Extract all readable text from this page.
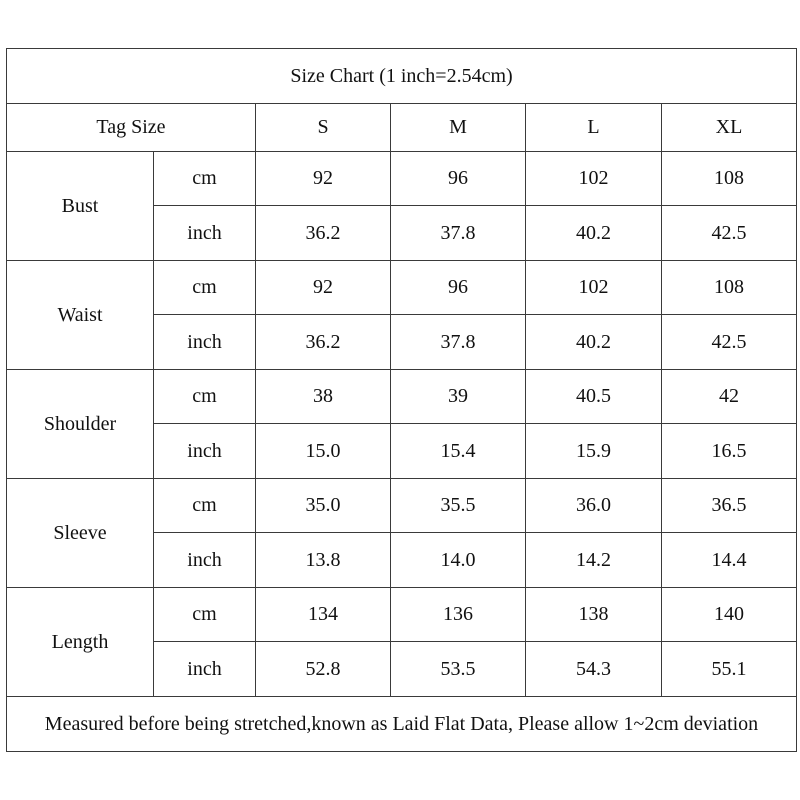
Size Chart (1 inch=2.54cm)					
Tag Size		S	M	L	XL
Bust	cm	92	96	102	108
	inch	36.2	37.8	40.2	42.5
Waist	cm	92	96	102	108
	inch	36.2	37.8	40.2	42.5
Shoulder	cm	38	39	40.5	42
	inch	15.0	15.4	15.9	16.5
Sleeve	cm	35.0	35.5	36.0	36.5
	inch	13.8	14.0	14.2	14.4
Length	cm	134	136	138	140
	inch	52.8	53.5	54.3	55.1
Measured before being stretched,known as Laid Flat Data, Please allow 1~2cm deviation					
